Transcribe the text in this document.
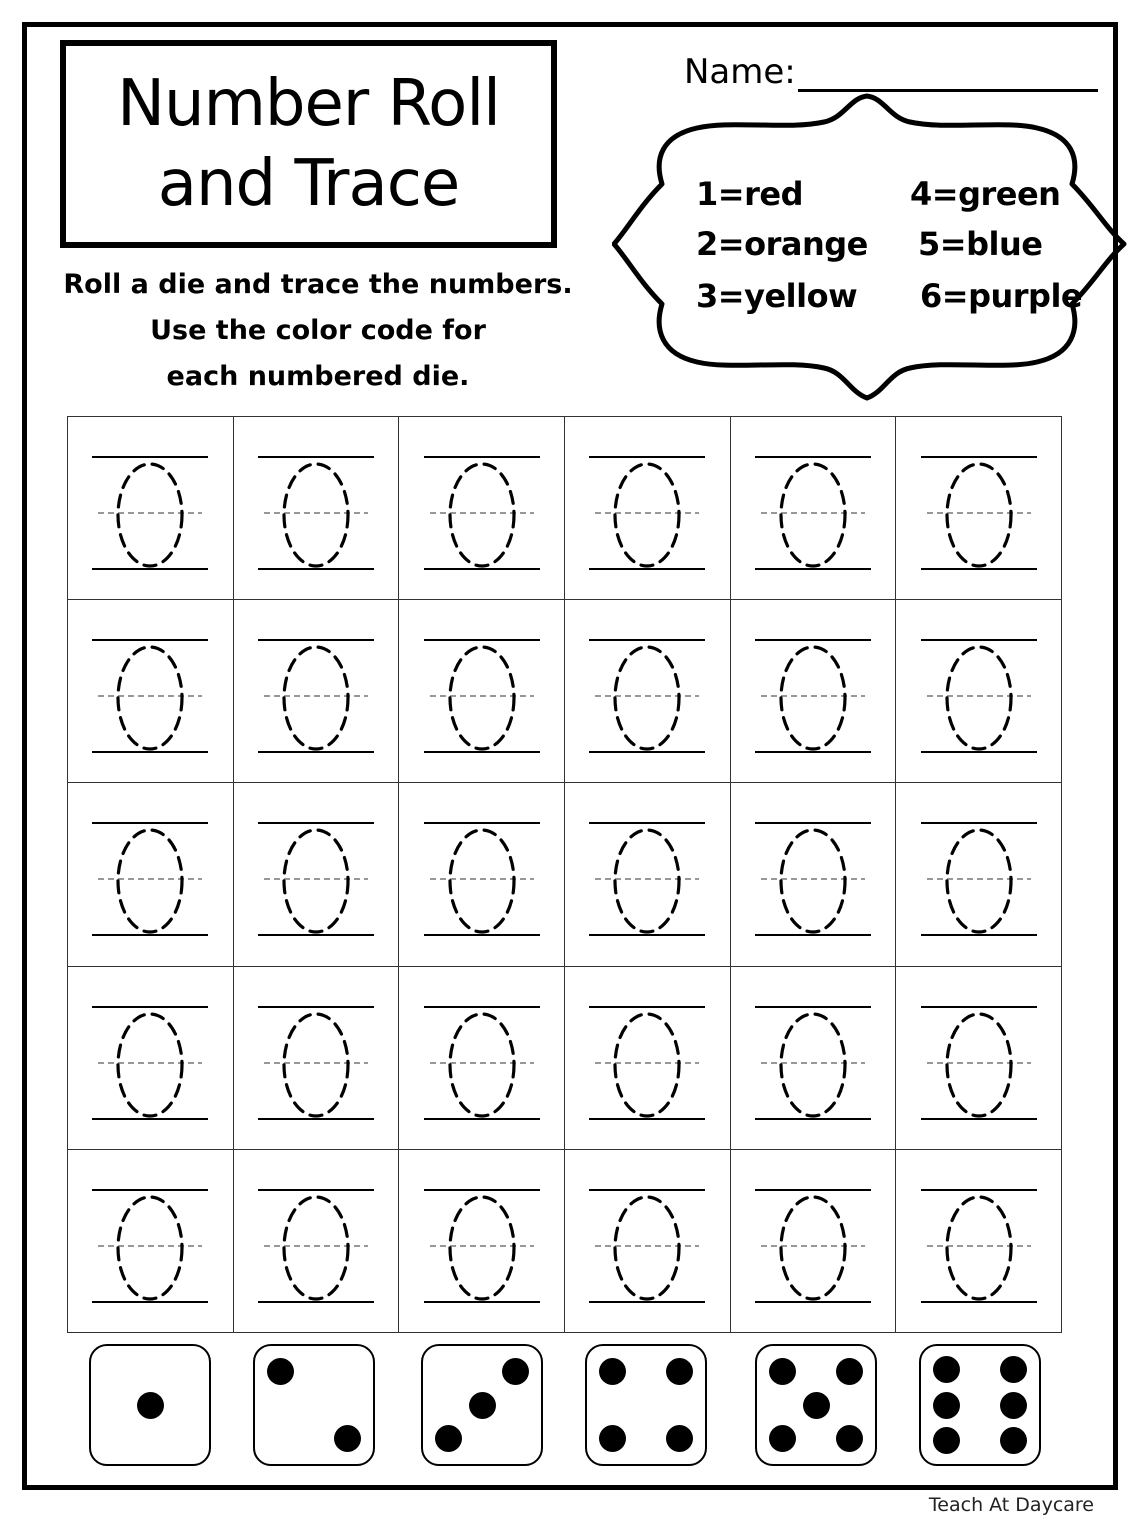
Number Roll
and Trace
Name:
Roll a die and trace the numbers.
Use the color code for
each numbered die.
1=red
2=orange
3=yellow
4=green
5=blue
6=purple
Teach At Daycare
